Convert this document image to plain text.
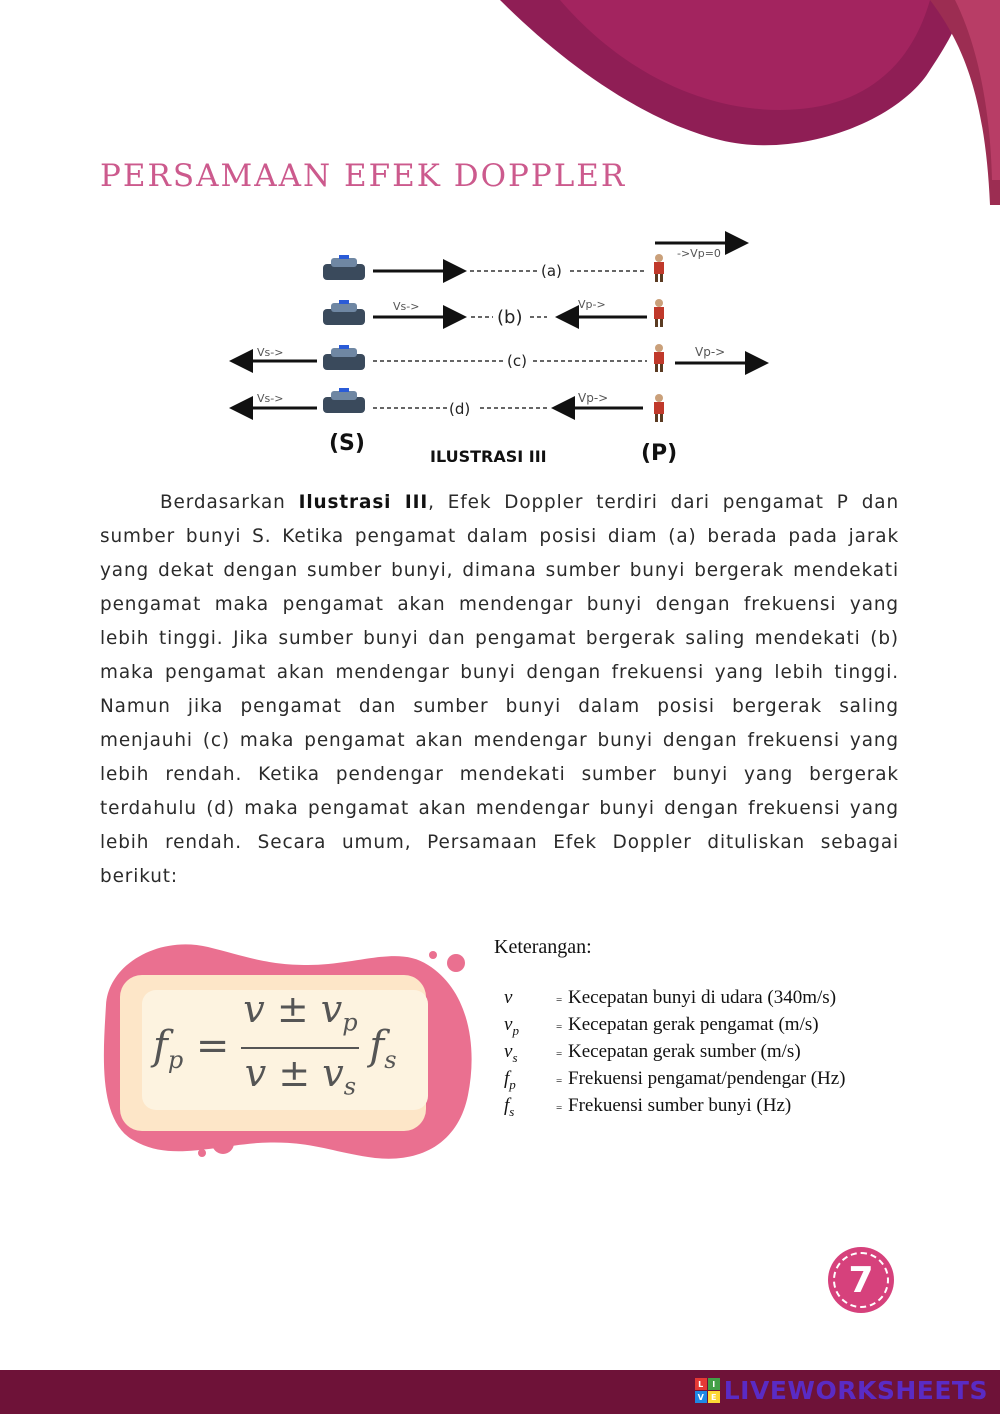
PERSAMAAN EFEK DOPPLER
(a)
->Vp=0
Vs->
(b)
Vp->
Vs->	(c)	Vp->
Vs->
(d)
Vp->
(S)
ILUSTRASI III	(P)

Berdasarkan Ilustrasi III, Efek Doppler terdiri dari pengamat P dan sumber bunyi S. Ketika pengamat dalam posisi diam (a) berada pada jarak yang dekat dengan sumber bunyi, dimana sumber bunyi bergerak mendekati pengamat maka pengamat akan mendengar bunyi dengan frekuensi yang lebih tinggi. Jika sumber bunyi dan pengamat bergerak saling mendekati (b) maka pengamat akan mendengar bunyi dengan frekuensi yang lebih tinggi. Namun jika pengamat dan sumber bunyi dalam posisi bergerak saling menjauhi (c) maka pengamat akan mendengar bunyi dengan frekuensi yang lebih rendah. Ketika pendengar mendekati sumber bunyi yang bergerak terdahulu (d) maka pengamat akan mendengar bunyi dengan frekuensi yang lebih rendah. Secara umum, Persamaan Efek Doppler dituliskan sebagai berikut:

$f_p = \frac{v \pm v_p}{v \pm v_s} f_s$

Keterangan:

v	= Kecepatan bunyi di udara (340m/s)
$v_p$	= Kecepatan gerak pengamat (m/s)
$v_s$	= Kecepatan gerak sumber (m/s)
$f_p$	= Frekuensi pengamat/pendengar (Hz)
$f_s$	= Frekuensi sumber bunyi (Hz)
7
L	I
V E LIVEWORKSHEETS
